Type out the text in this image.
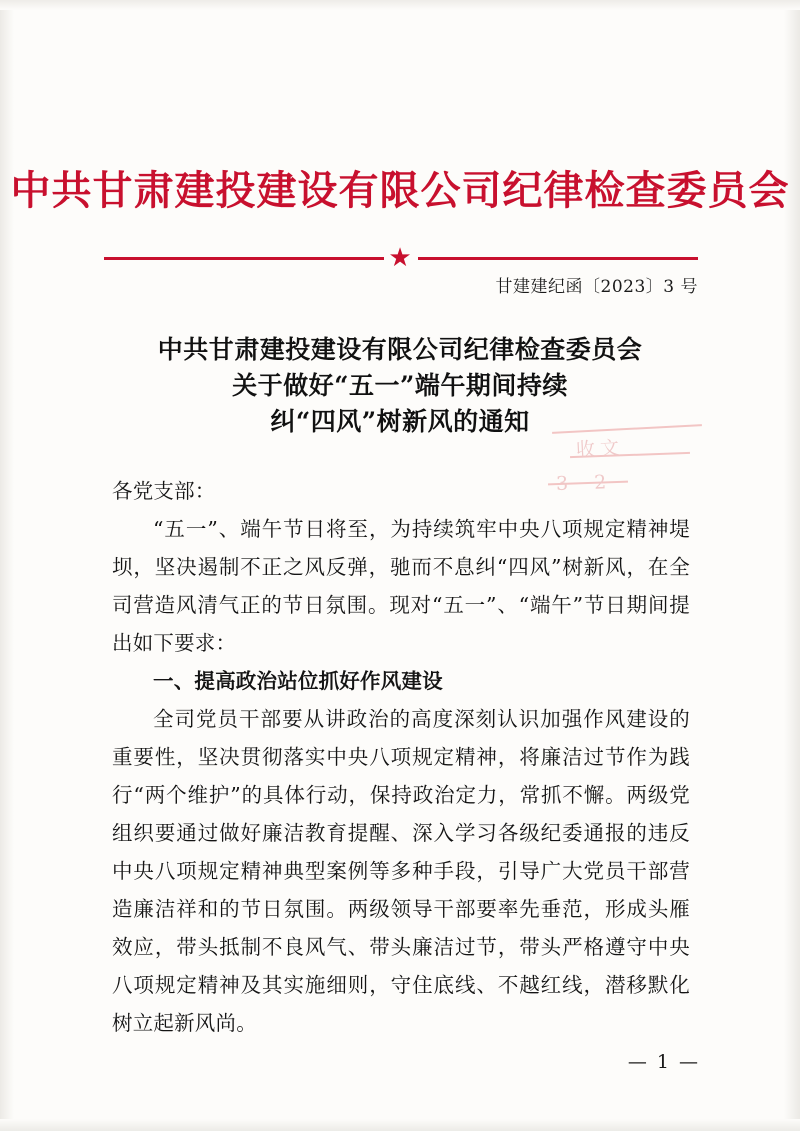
中共甘肃建投建设有限公司纪律检查委员会
★
甘建建纪函〔2023〕3 号
收文
3 2
中共甘肃建投建设有限公司纪律检查委员会
关于做好“五一”端午期间持续
纠“四风”树新风的通知

各党支部：

“五一”、端午节日将至，为持续筑牢中央八项规定精神堤坝，坚决遏制不正之风反弹，驰而不息纠“四风”树新风，在全司营造风清气正的节日氛围。现对“五一”、“端午”节日期间提出如下要求：

一、提高政治站位抓好作风建设

全司党员干部要从讲政治的高度深刻认识加强作风建设的重要性，坚决贯彻落实中央八项规定精神，将廉洁过节作为践行“两个维护”的具体行动，保持政治定力，常抓不懈。两级党组织要通过做好廉洁教育提醒、深入学习各级纪委通报的违反中央八项规定精神典型案例等多种手段，引导广大党员干部营造廉洁祥和的节日氛围。两级领导干部要率先垂范，形成头雁效应，带头抵制不良风气、带头廉洁过节，带头严格遵守中央八项规定精神及其实施细则，守住底线、不越红线，潜移默化树立起新风尚。

— 1 —
